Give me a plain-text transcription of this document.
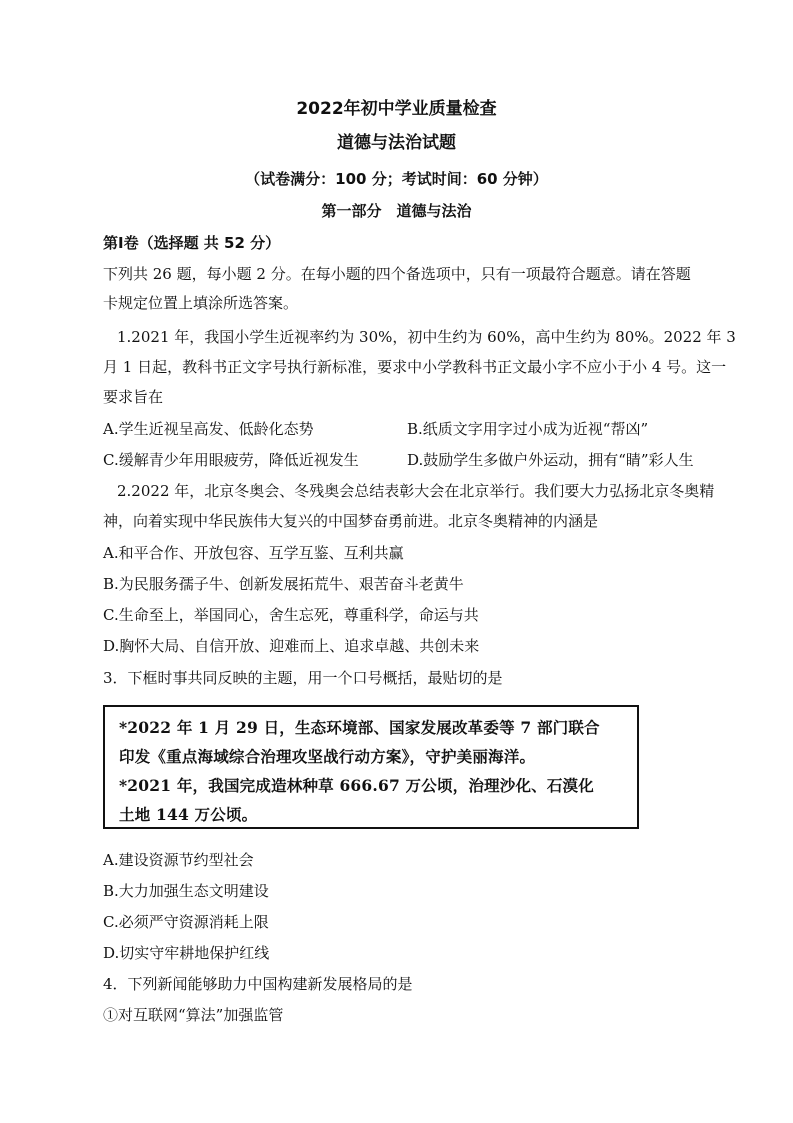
2022年初中学业质量检查
道德与法治试题
（试卷满分：100 分；考试时间：60 分钟）
第一部分　道德与法治
第Ⅰ卷（选择题 共 52 分）
下列共 26 题，每小题 2 分。在每小题的四个备选项中，只有一项最符合题意。请在答题
卡规定位置上填涂所选答案。
1.2021 年，我国小学生近视率约为 30%，初中生约为 60%，高中生约为 80%。2022 年 3
月 1 日起，教科书正文字号执行新标准，要求中小学教科书正文最小字不应小于小 4 号。这一
要求旨在
A.学生近视呈高发、低龄化态势	B.纸质文字用字过小成为近视“帮凶”
C.缓解青少年用眼疲劳，降低近视发生	D.鼓励学生多做户外运动，拥有“睛”彩人生
2.2022 年，北京冬奥会、冬残奥会总结表彰大会在北京举行。我们要大力弘扬北京冬奥精
神，向着实现中华民族伟大复兴的中国梦奋勇前进。北京冬奥精神的内涵是
A.和平合作、开放包容、互学互鉴、互利共赢
B.为民服务孺子牛、创新发展拓荒牛、艰苦奋斗老黄牛
C.生命至上，举国同心，舍生忘死，尊重科学，命运与共
D.胸怀大局、自信开放、迎难而上、追求卓越、共创未来
3．下框时事共同反映的主题，用一个口号概括，最贴切的是
*2022 年 1 月 29 日，生态环境部、国家发展改革委等 7 部门联合
印发《重点海域综合治理攻坚战行动方案》，守护美丽海洋。
*2021 年，我国完成造林种草 666.67 万公顷，治理沙化、石漠化
土地 144 万公顷。
A.建设资源节约型社会
B.大力加强生态文明建设
C.必须严守资源消耗上限
D.切实守牢耕地保护红线
4．下列新闻能够助力中国构建新发展格局的是
①对互联网“算法”加强监管
